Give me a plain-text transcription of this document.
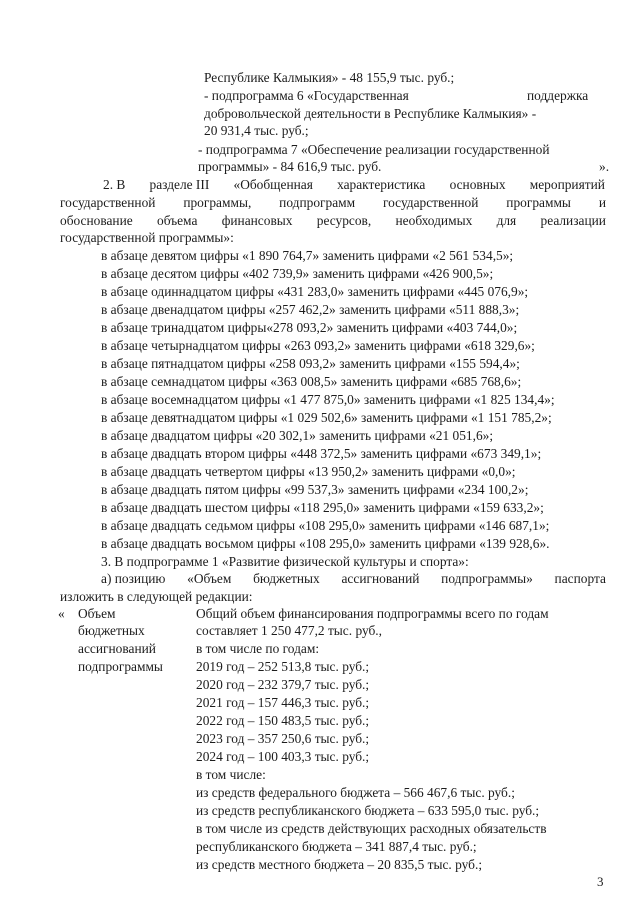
Республике Калмыкия» - 48 155,9 тыс. руб.;
- подпрограмма 6 «Государственная	поддержка
добровольческой деятельности в Республике Калмыкия» -
20 931,4 тыс. руб.;
- подпрограмма 7 «Обеспечение реализации государственной
программы» - 84 616,9 тыс. руб.	».
2. В разделе III «Обобщенная характеристика основных мероприятий
государственной программы, подпрограмм государственной программы и
обоснование объема финансовых ресурсов, необходимых для реализации
государственной программы»:
в абзаце девятом цифры «1 890 764,7» заменить цифрами «2 561 534,5»;
в абзаце десятом цифры «402 739,9» заменить цифрами «426 900,5»;
в абзаце одиннадцатом цифры «431 283,0» заменить цифрами «445 076,9»;
в абзаце двенадцатом цифры «257 462,2» заменить цифрами «511 888,3»;
в абзаце тринадцатом цифры«278 093,2» заменить цифрами «403 744,0»;
в абзаце четырнадцатом цифры «263 093,2» заменить цифрами «618 329,6»;
в абзаце пятнадцатом цифры «258 093,2» заменить цифрами «155 594,4»;
в абзаце семнадцатом цифры «363 008,5» заменить цифрами «685 768,6»;
в абзаце восемнадцатом цифры «1 477 875,0» заменить цифрами «1 825 134,4»;
в абзаце девятнадцатом цифры «1 029 502,6» заменить цифрами «1 151 785,2»;
в абзаце двадцатом цифры «20 302,1» заменить цифрами «21 051,6»;
в абзаце двадцать втором цифры «448 372,5» заменить цифрами «673 349,1»;
в абзаце двадцать четвертом цифры «13 950,2» заменить цифрами «0,0»;
в абзаце двадцать пятом цифры «99 537,3» заменить цифрами «234 100,2»;
в абзаце двадцать шестом цифры «118 295,0» заменить цифрами «159 633,2»;
в абзаце двадцать седьмом цифры «108 295,0» заменить цифрами «146 687,1»;
в абзаце двадцать восьмом цифры «108 295,0» заменить цифрами «139 928,6».
3. В подпрограмме 1 «Развитие физической культуры и спорта»:
а) позицию «Объем бюджетных ассигнований подпрограммы» паспорта
изложить в следующей редакции:
« Объем
бюджетных
ассигнований
подпрограммы
Общий объем финансирования подпрограммы всего по годам
составляет 1 250 477,2 тыс. руб.,
в том числе по годам:
2019 год – 252 513,8 тыс. руб.;
2020 год – 232 379,7 тыс. руб.;
2021 год – 157 446,3 тыс. руб.;
2022 год – 150 483,5 тыс. руб.;
2023 год – 357 250,6 тыс. руб.;
2024 год – 100 403,3 тыс. руб.;
в том числе:
из средств федерального бюджета – 566 467,6 тыс. руб.;
из средств республиканского бюджета – 633 595,0 тыс. руб.;
в том числе из средств действующих расходных обязательств
республиканского бюджета – 341 887,4 тыс. руб.;
из средств местного бюджета – 20 835,5 тыс. руб.;
3
